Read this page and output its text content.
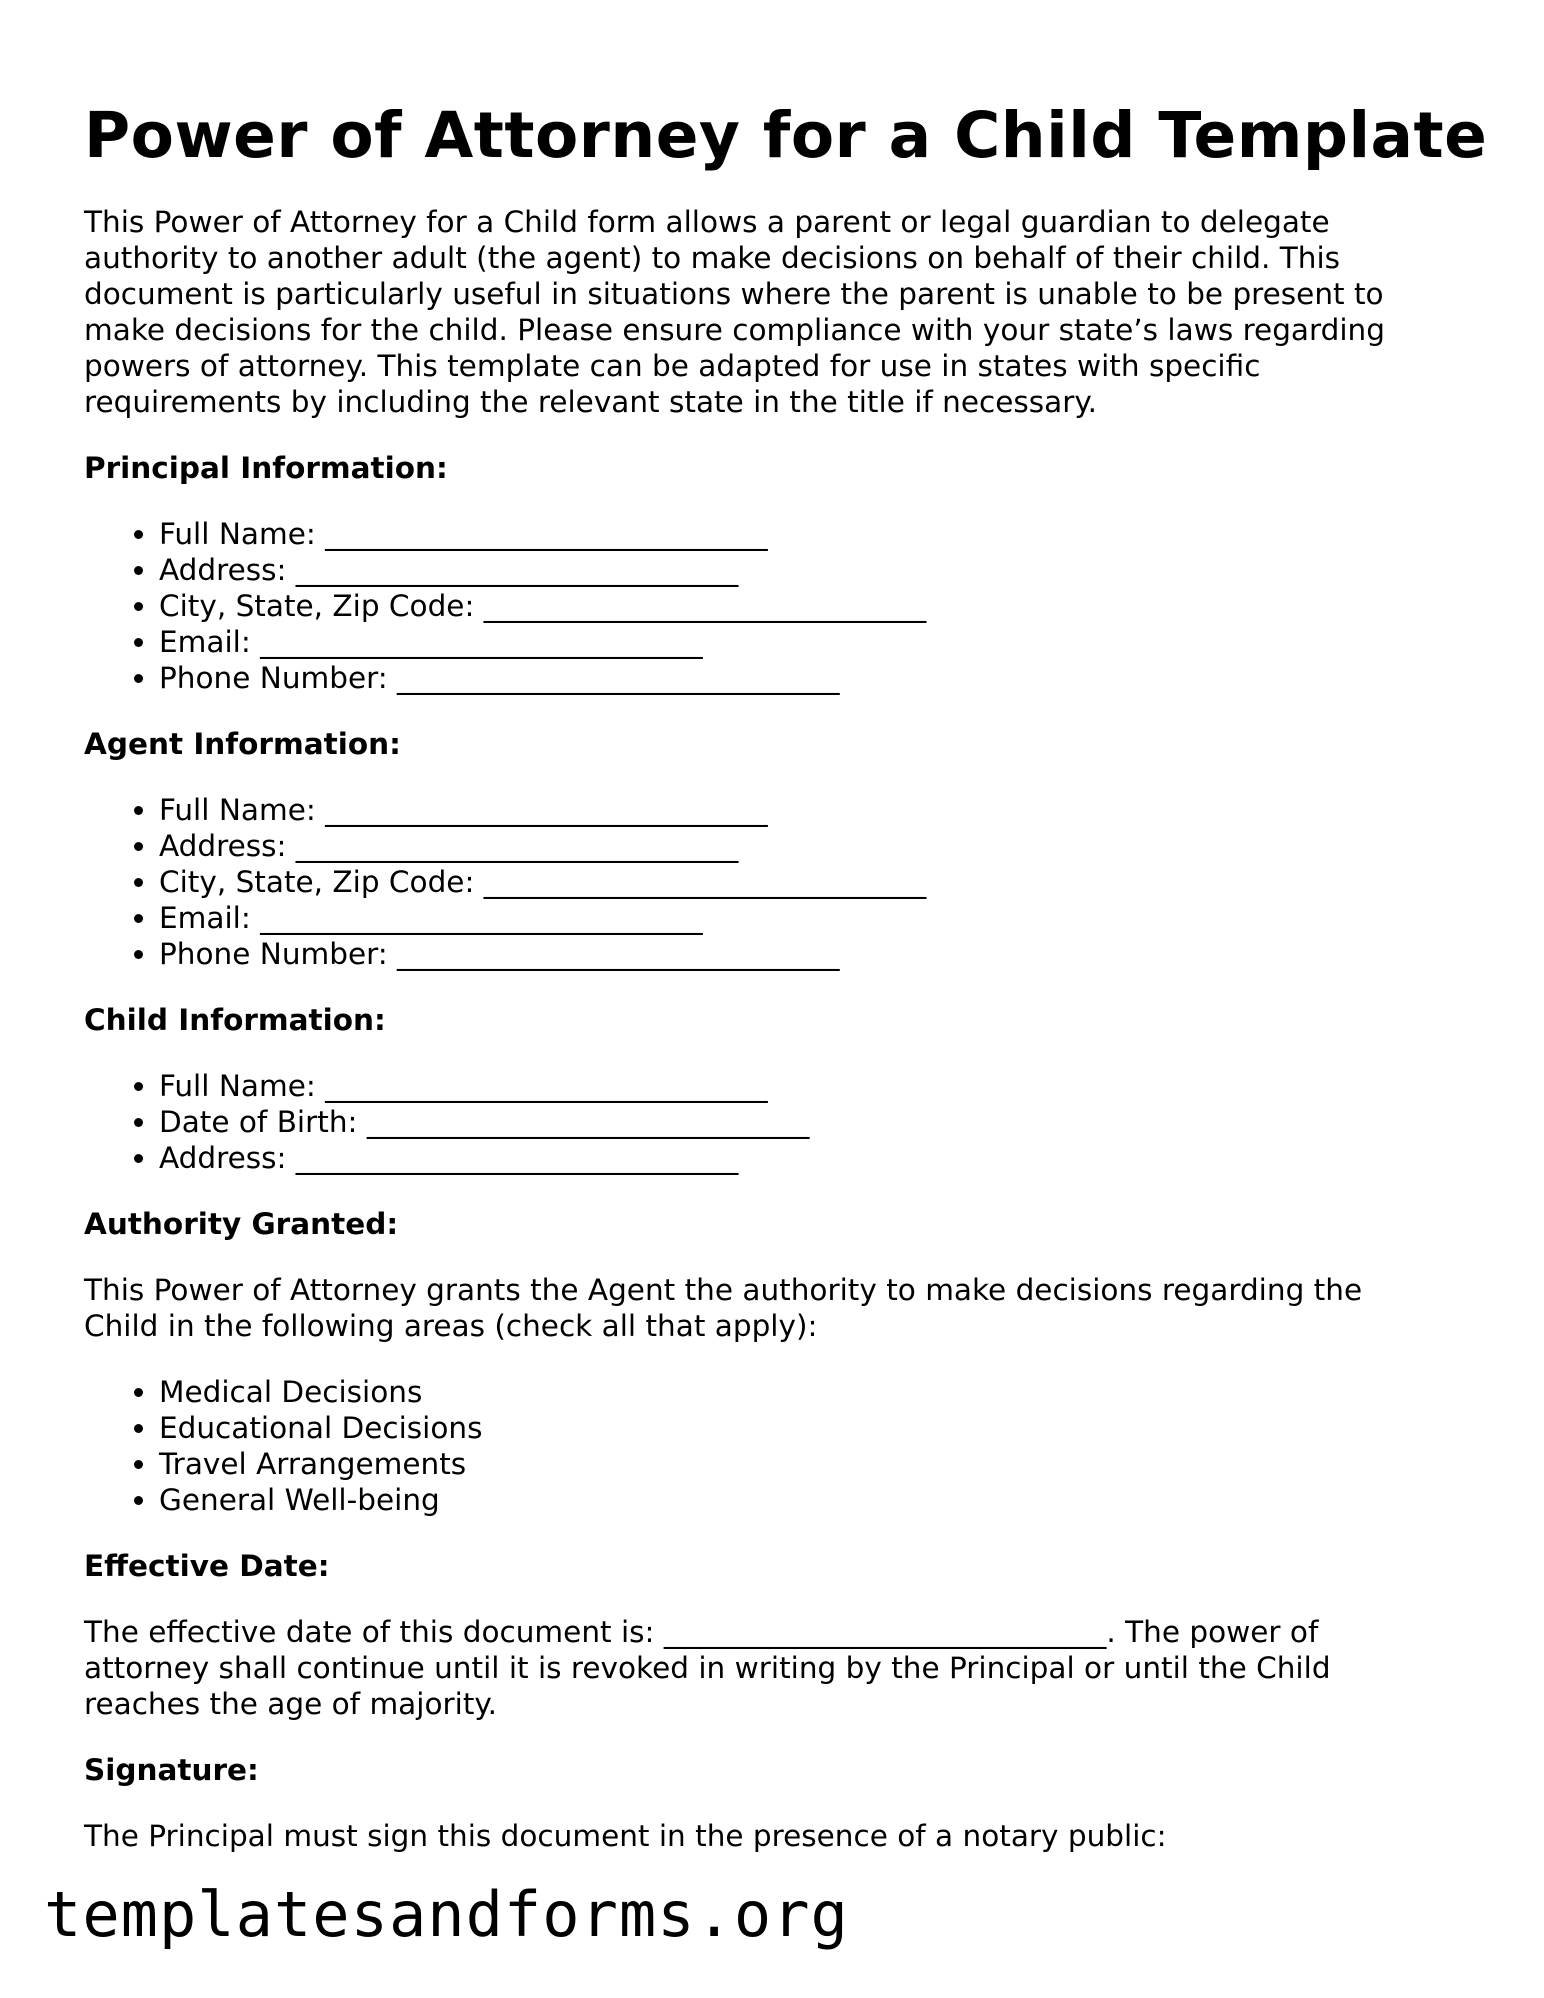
Power of Attorney for a Child Template

This Power of Attorney for a Child form allows a parent or legal guardian to delegate authority to another adult (the agent) to make decisions on behalf of their child. This document is particularly useful in situations where the parent is unable to be present to make decisions for the child. Please ensure compliance with your state’s laws regarding powers of attorney. This template can be adapted for use in states with specific requirements by including the relevant state in the title if necessary.

Principal Information:
• Full Name: ______________________________
• Address: ______________________________
• City, State, Zip Code: ______________________________
• Email: ______________________________
• Phone Number: ______________________________
Agent Information:
• Full Name: ______________________________
• Address: ______________________________
• City, State, Zip Code: ______________________________
• Email: ______________________________
• Phone Number: ______________________________
Child Information:
• Full Name: ______________________________
• Date of Birth: ______________________________
• Address: ______________________________
Authority Granted:

This Power of Attorney grants the Agent the authority to make decisions regarding the Child in the following areas (check all that apply):

• Medical Decisions
• Educational Decisions
• Travel Arrangements
• General Well-being
Effective Date:

The effective date of this document is: ______________________________. The power of attorney shall continue until it is revoked in writing by the Principal or until the Child reaches the age of majority.

Signature:

The Principal must sign this document in the presence of a notary public:

templatesandforms.org
